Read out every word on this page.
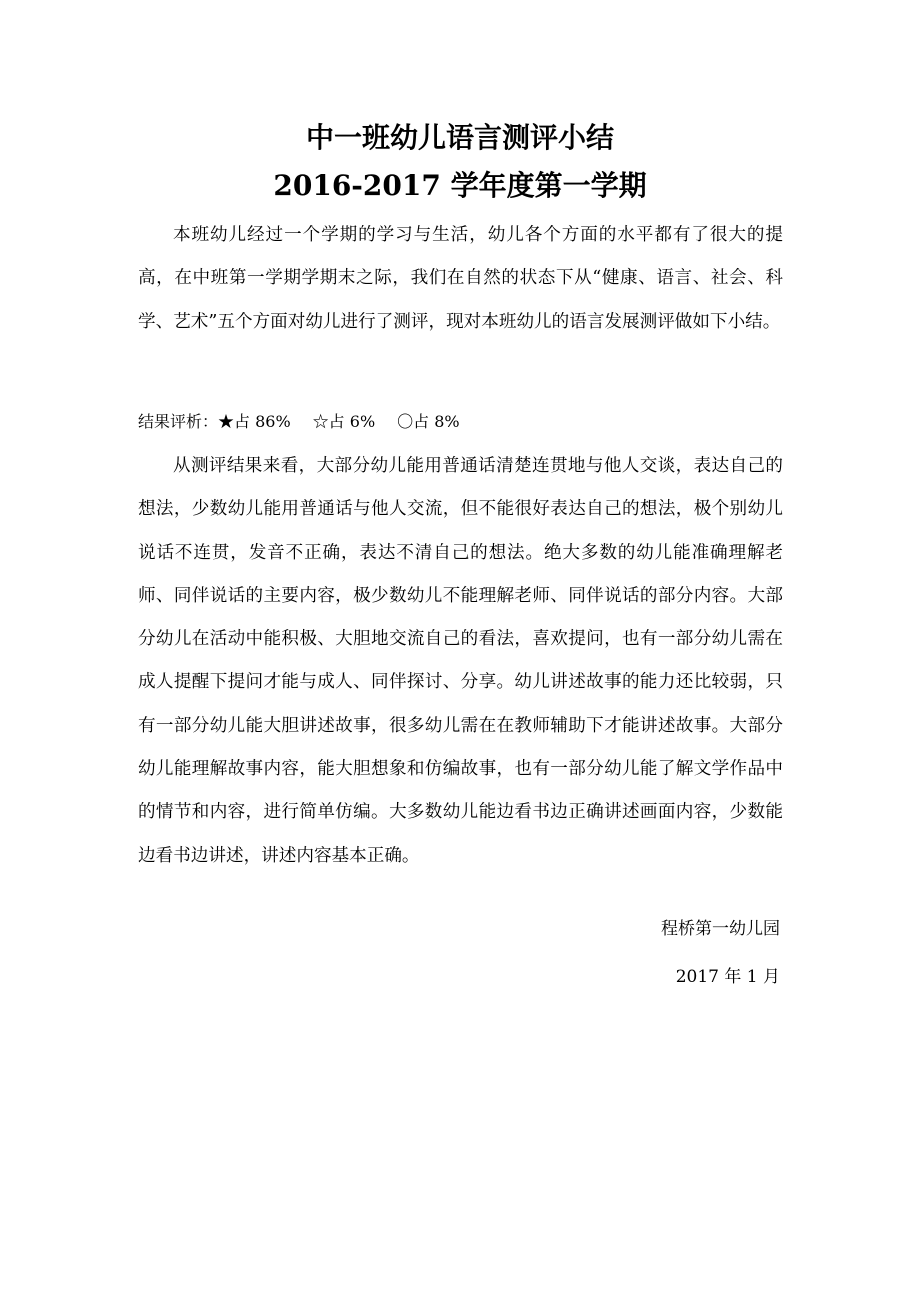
中一班幼儿语言测评小结
2016-2017 学年度第一学期

本班幼儿经过一个学期的学习与生活，幼儿各个方面的水平都有了很大的提高，在中班第一学期学期末之际，我们在自然的状态下从“健康、语言、社会、科学、艺术”五个方面对幼儿进行了测评，现对本班幼儿的语言发展测评做如下小结。

结果评析：★占 86% ☆占 6% 〇占 8%

从测评结果来看，大部分幼儿能用普通话清楚连贯地与他人交谈，表达自己的想法，少数幼儿能用普通话与他人交流，但不能很好表达自己的想法，极个别幼儿说话不连贯，发音不正确，表达不清自己的想法。绝大多数的幼儿能准确理解老师、同伴说话的主要内容，极少数幼儿不能理解老师、同伴说话的部分内容。大部分幼儿在活动中能积极、大胆地交流自己的看法，喜欢提问，也有一部分幼儿需在成人提醒下提问才能与成人、同伴探讨、分享。幼儿讲述故事的能力还比较弱，只有一部分幼儿能大胆讲述故事，很多幼儿需在在教师辅助下才能讲述故事。大部分幼儿能理解故事内容，能大胆想象和仿编故事，也有一部分幼儿能了解文学作品中的情节和内容，进行简单仿编。大多数幼儿能边看书边正确讲述画面内容，少数能边看书边讲述，讲述内容基本正确。

程桥第一幼儿园

2017 年 1 月
